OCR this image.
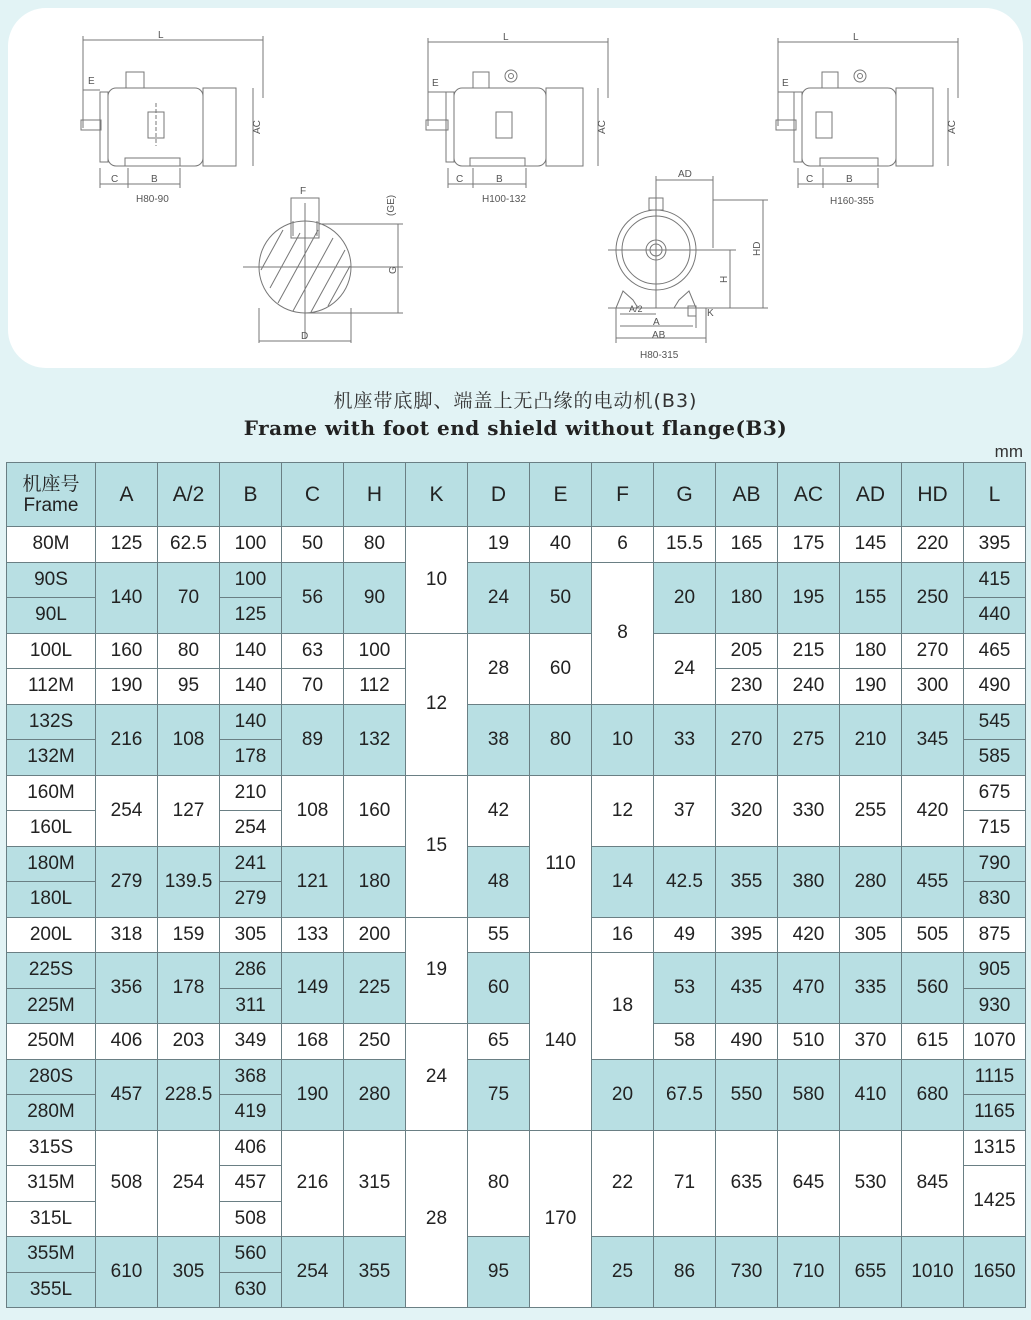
L
E
AC
C	B
H80-90
L
E
AC
C	B
H100-132
L
E
AC
C	B
H160-355
F
(GE)
G
D
AD
HD
H
K
A/2
A
AB
H80-315
机座带底脚、端盖上无凸缘的电动机(B3)
Frame with foot end shield without flange(B3)
mm
机座号
Frame	A	A/2	B	C	H	K	D	E	F	G	AB	AC	AD	HD	L
80M	125	62.5	100	50	80	10	19	40	6	15.5	165	175	145	220	395
90S	140	70	100	56	90		24	50	8	20	180	195	155	250	415
90L			125												440
100L	160	80	140	63	100	12	28	60		24	205	215	180	270	465
112M	190	95	140	70	112						230	240	190	300	490
132S	216	108	140	89	132		38	80	10	33	270	275	210	345	545
132M			178												585
160M	254	127	210	108	160	15	42	110	12	37	320	330	255	420	675
160L			254												715
180M	279	139.5	241	121	180		48		14	42.5	355	380	280	455	790
180L			279												830
200L	318	159	305	133	200	19	55		16	49	395	420	305	505	875
225S	356	178	286	149	225		60	140	18	53	435	470	335	560	905
225M			311												930
250M	406	203	349	168	250	24	65			58	490	510	370	615	1070
280S	457	228.5	368	190	280		75		20	67.5	550	580	410	680	1115
280M			419												1165
315S	508	254	406	216	315	28	80	170	22	71	635	645	530	845	1315
315M			457												1425
315L			508												
355M	610	305	560	254	355		95		25	86	730	710	655	1010	1650
355L			630												
